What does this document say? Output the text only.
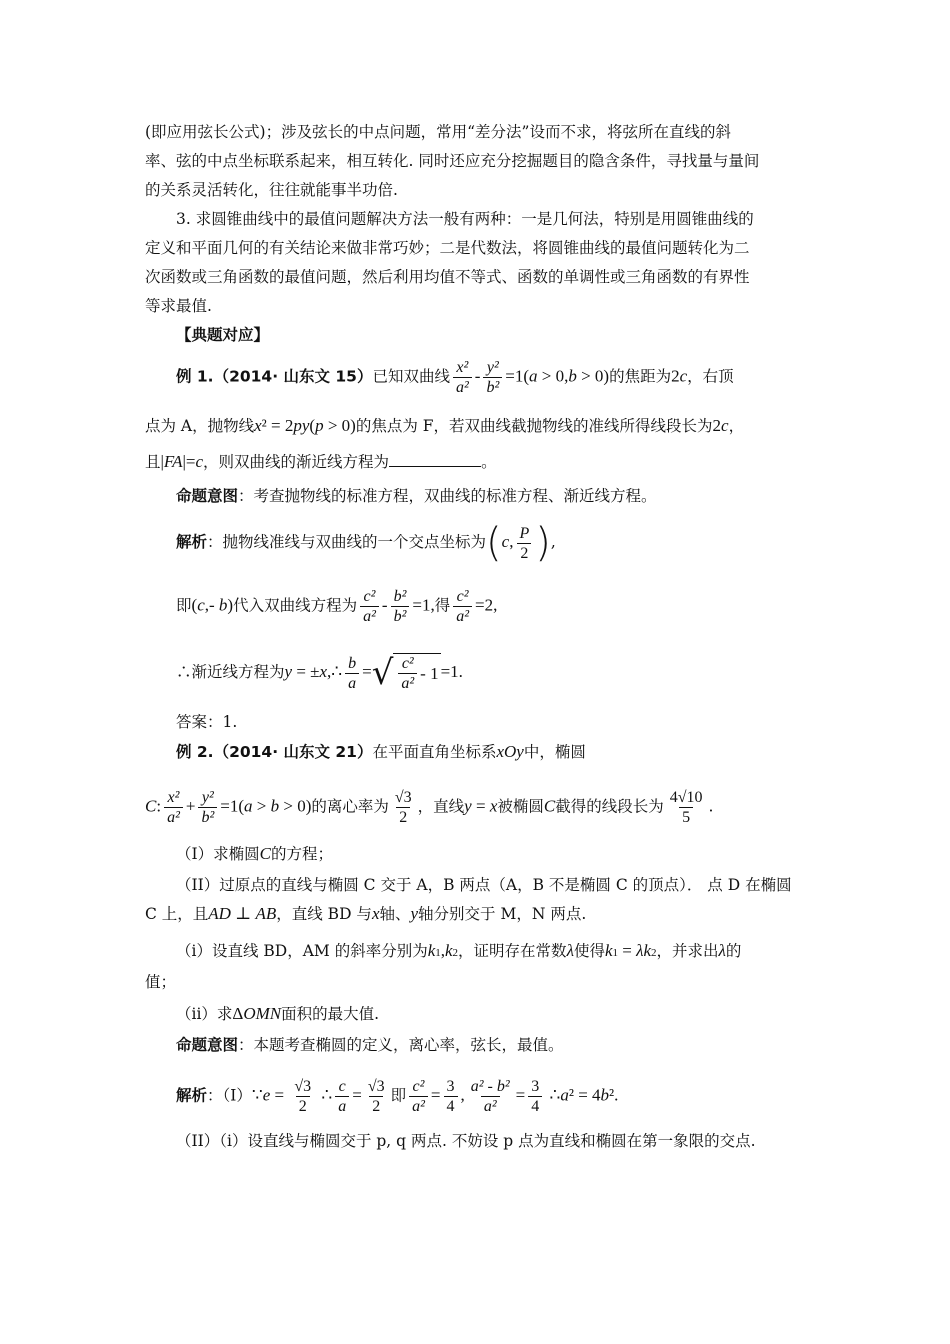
(即应用弦长公式)；涉及弦长的中点问题，常用“差分法”设而不求，将弦所在直线的斜
率、弦的中点坐标联系起来，相互转化. 同时还应充分挖掘题目的隐含条件，寻找量与量间
的关系灵活转化，往往就能事半功倍.
3. 求圆锥曲线中的最值问题解决方法一般有两种：一是几何法，特别是用圆锥曲线的
定义和平面几何的有关结论来做非常巧妙；二是代数法，将圆锥曲线的最值问题转化为二
次函数或三角函数的最值问题，然后利用均值不等式、函数的单调性或三角函数的有界性
等求最值.
【典题对应】
例 1.（2014· 山东文 15）已知双曲线 $\frac{\text{x²}}{\text{a²}} - \frac{\text{y²}}{\text{b²}} =1(a > 0,b > 0)$的焦距为2c，右顶
点为 A，抛物线x² = 2py(p > 0)的焦点为 F，若双曲线截抛物线的准线所得线段长为2c，
且|FA|=c，则双曲线的渐近线方程为	。
命题意图：考查抛物线的标准方程，双曲线的标准方程、渐近线方程。
解析：抛物线准线与双曲线的一个交点坐标为(c, $\frac{P}{2}$ ),
即(c,- b)代入双曲线方程为 $\frac{\text{c²}}{\text{a²}} - \frac{\text{b²}}{\text{b²}} =1$,得 $\frac{\text{c²}}{\text{a²}} =2$,
∴渐近线方程为y = ±x,∴ $\frac{b}{a}$ = √ c²
a²
- 1 =1.
答案：1.
例 2.（2014· 山东文 21）在平面直角坐标系xOy中，椭圆
C: $\frac{\text{x²}}{\text{a²}} + \frac{\text{y²}}{\text{b²}} =1(a > b > 0)$的离心率为 $\frac{√3}{2}$ ，直线y = x被椭圆C截得的线段长为 $\frac{4√10}{5}$ .
（Ⅰ）求椭圆C的方程；
（II）过原点的直线与椭圆 C 交于 A，B 两点（A，B 不是椭圆 C 的顶点）． 点 D 在椭圆
C 上，且AD ⊥ AB，直线 BD 与x轴、y轴分别交于 M，N 两点.
（i）设直线 BD，AM 的斜率分别为k1,k2，证明存在常数λ使得k1 = λk2，并求出λ的
值；
（ii）求ΔOMN面积的最大值.
命题意图：本题考查椭圆的定义，离心率，弦长，最值。
解析：（Ⅰ）∵e = $\frac{√3}{2}$ ∴ $\frac{c}{a} = \frac{√3}{2}$ 即 $\frac{\text{c²}}{\text{a²}} = \frac{3}{4}$ , $\frac{\text{a² - b²}}{\text{a²}} = \frac{3}{4}$ ∴a² = 4b².
（II）（i）设直线与椭圆交于 p, q 两点. 不妨设 p 点为直线和椭圆在第一象限的交点.
